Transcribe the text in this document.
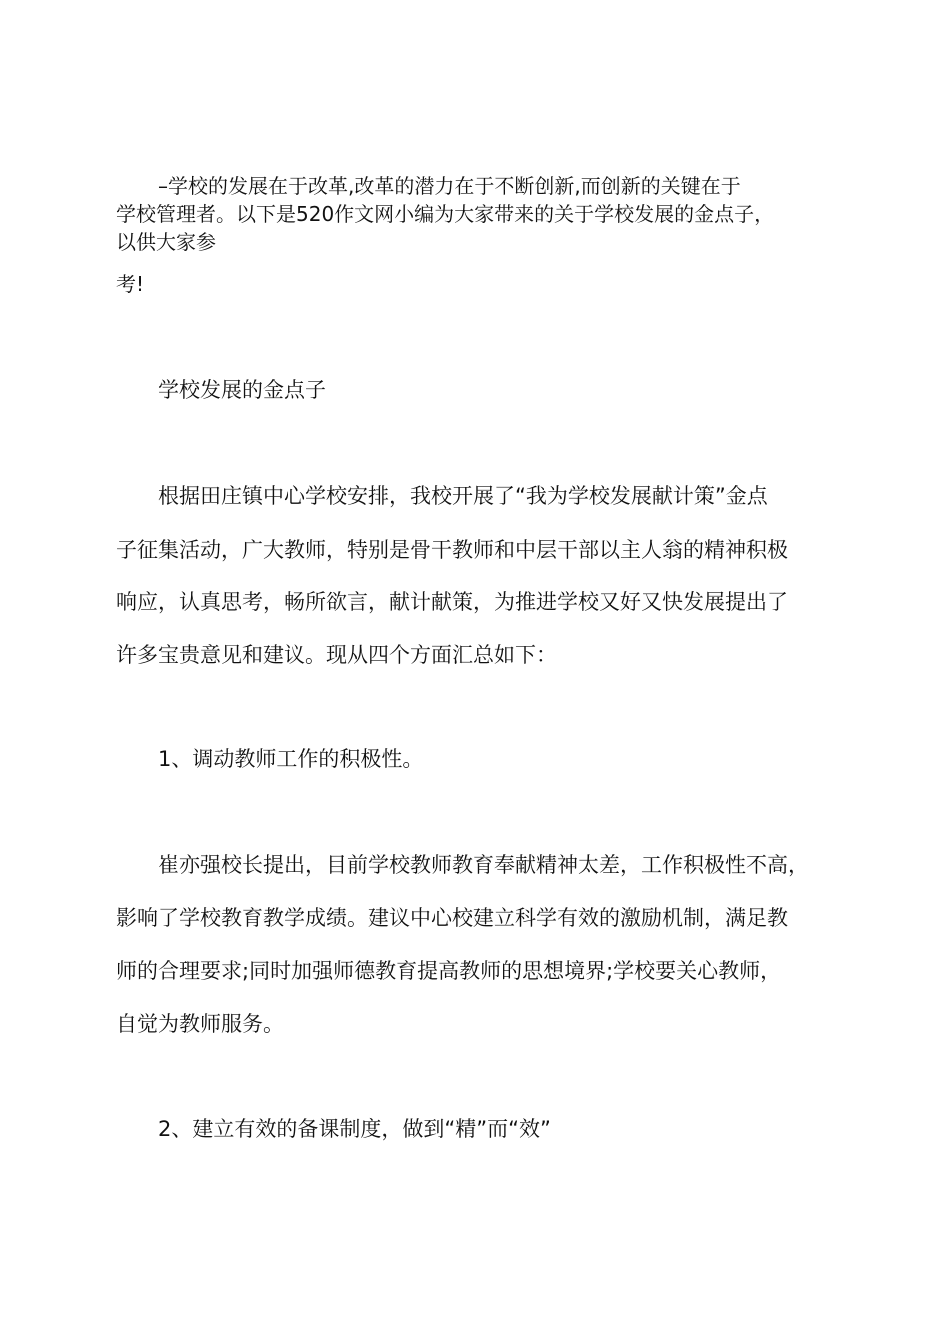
–学校的发展在于改革,改革的潜力在于不断创新,而创新的关键在于
学校管理者。以下是520作文网小编为大家带来的关于学校发展的金点子，
以供大家参
考!
学校发展的金点子
根据田庄镇中心学校安排，我校开展了“我为学校发展献计策”金点
子征集活动，广大教师，特别是骨干教师和中层干部以主人翁的精神积极
响应，认真思考，畅所欲言，献计献策，为推进学校又好又快发展提出了
许多宝贵意见和建议。现从四个方面汇总如下：
1、调动教师工作的积极性。
崔亦强校长提出，目前学校教师教育奉献精神太差，工作积极性不高，
影响了学校教育教学成绩。建议中心校建立科学有效的激励机制，满足教
师的合理要求;同时加强师德教育提高教师的思想境界;学校要关心教师，
自觉为教师服务。
2、建立有效的备课制度，做到“精”而“效”
